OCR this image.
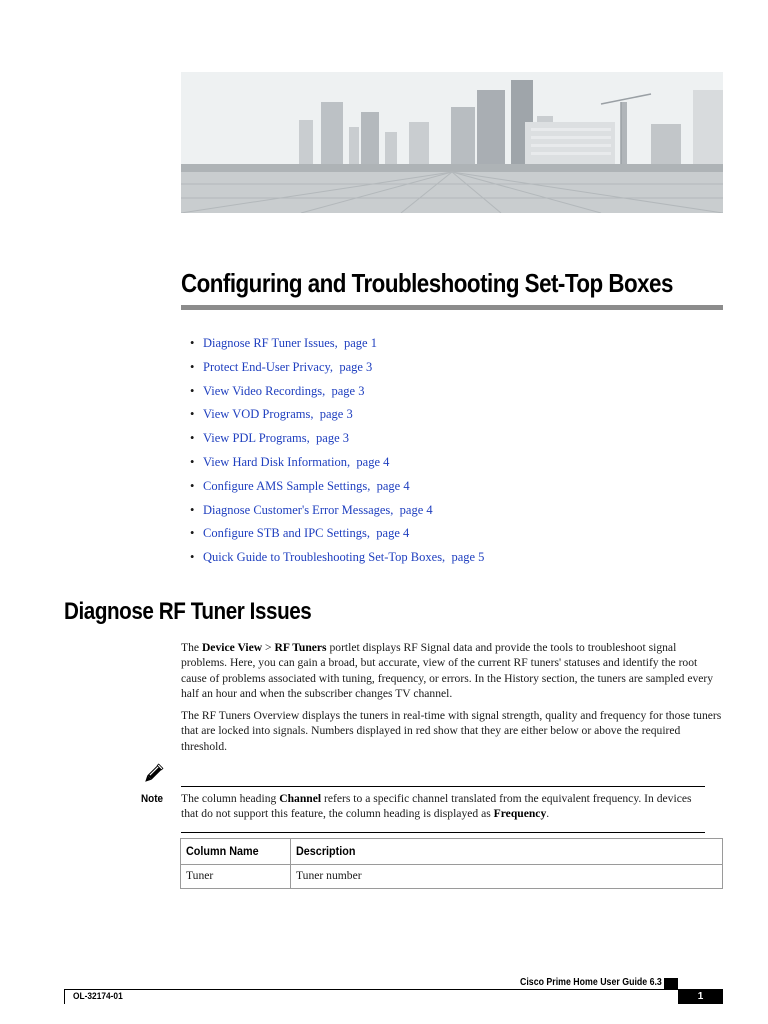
Configuring and Troubleshooting Set-Top Boxes
• Diagnose RF Tuner Issues, page 1
• Protect End-User Privacy, page 3
• View Video Recordings, page 3
• View VOD Programs, page 3
• View PDL Programs, page 3
• View Hard Disk Information, page 4
• Configure AMS Sample Settings, page 4
• Diagnose Customer's Error Messages, page 4
• Configure STB and IPC Settings, page 4
• Quick Guide to Troubleshooting Set-Top Boxes, page 5
Diagnose RF Tuner Issues

The Device View > RF Tuners portlet displays RF Signal data and provide the tools to troubleshoot signal problems. Here, you can gain a broad, but accurate, view of the current RF tuners' statuses and identify the root cause of problems associated with tuning, frequency, or errors. In the History section, the tuners are sampled every half an hour and when the subscriber changes TV channel.

The RF Tuners Overview displays the tuners in real-time with signal strength, quality and frequency for those tuners that are locked into signals. Numbers displayed in red show that they are either below or above the required threshold.

Note The column heading Channel refers to a specific channel translated from the equivalent frequency. In devices that do not support this feature, the column heading is displayed as Frequency.

Column Name	Description
Tuner	Tuner number
Cisco Prime Home User Guide 6.3
OL-32174-01	1
